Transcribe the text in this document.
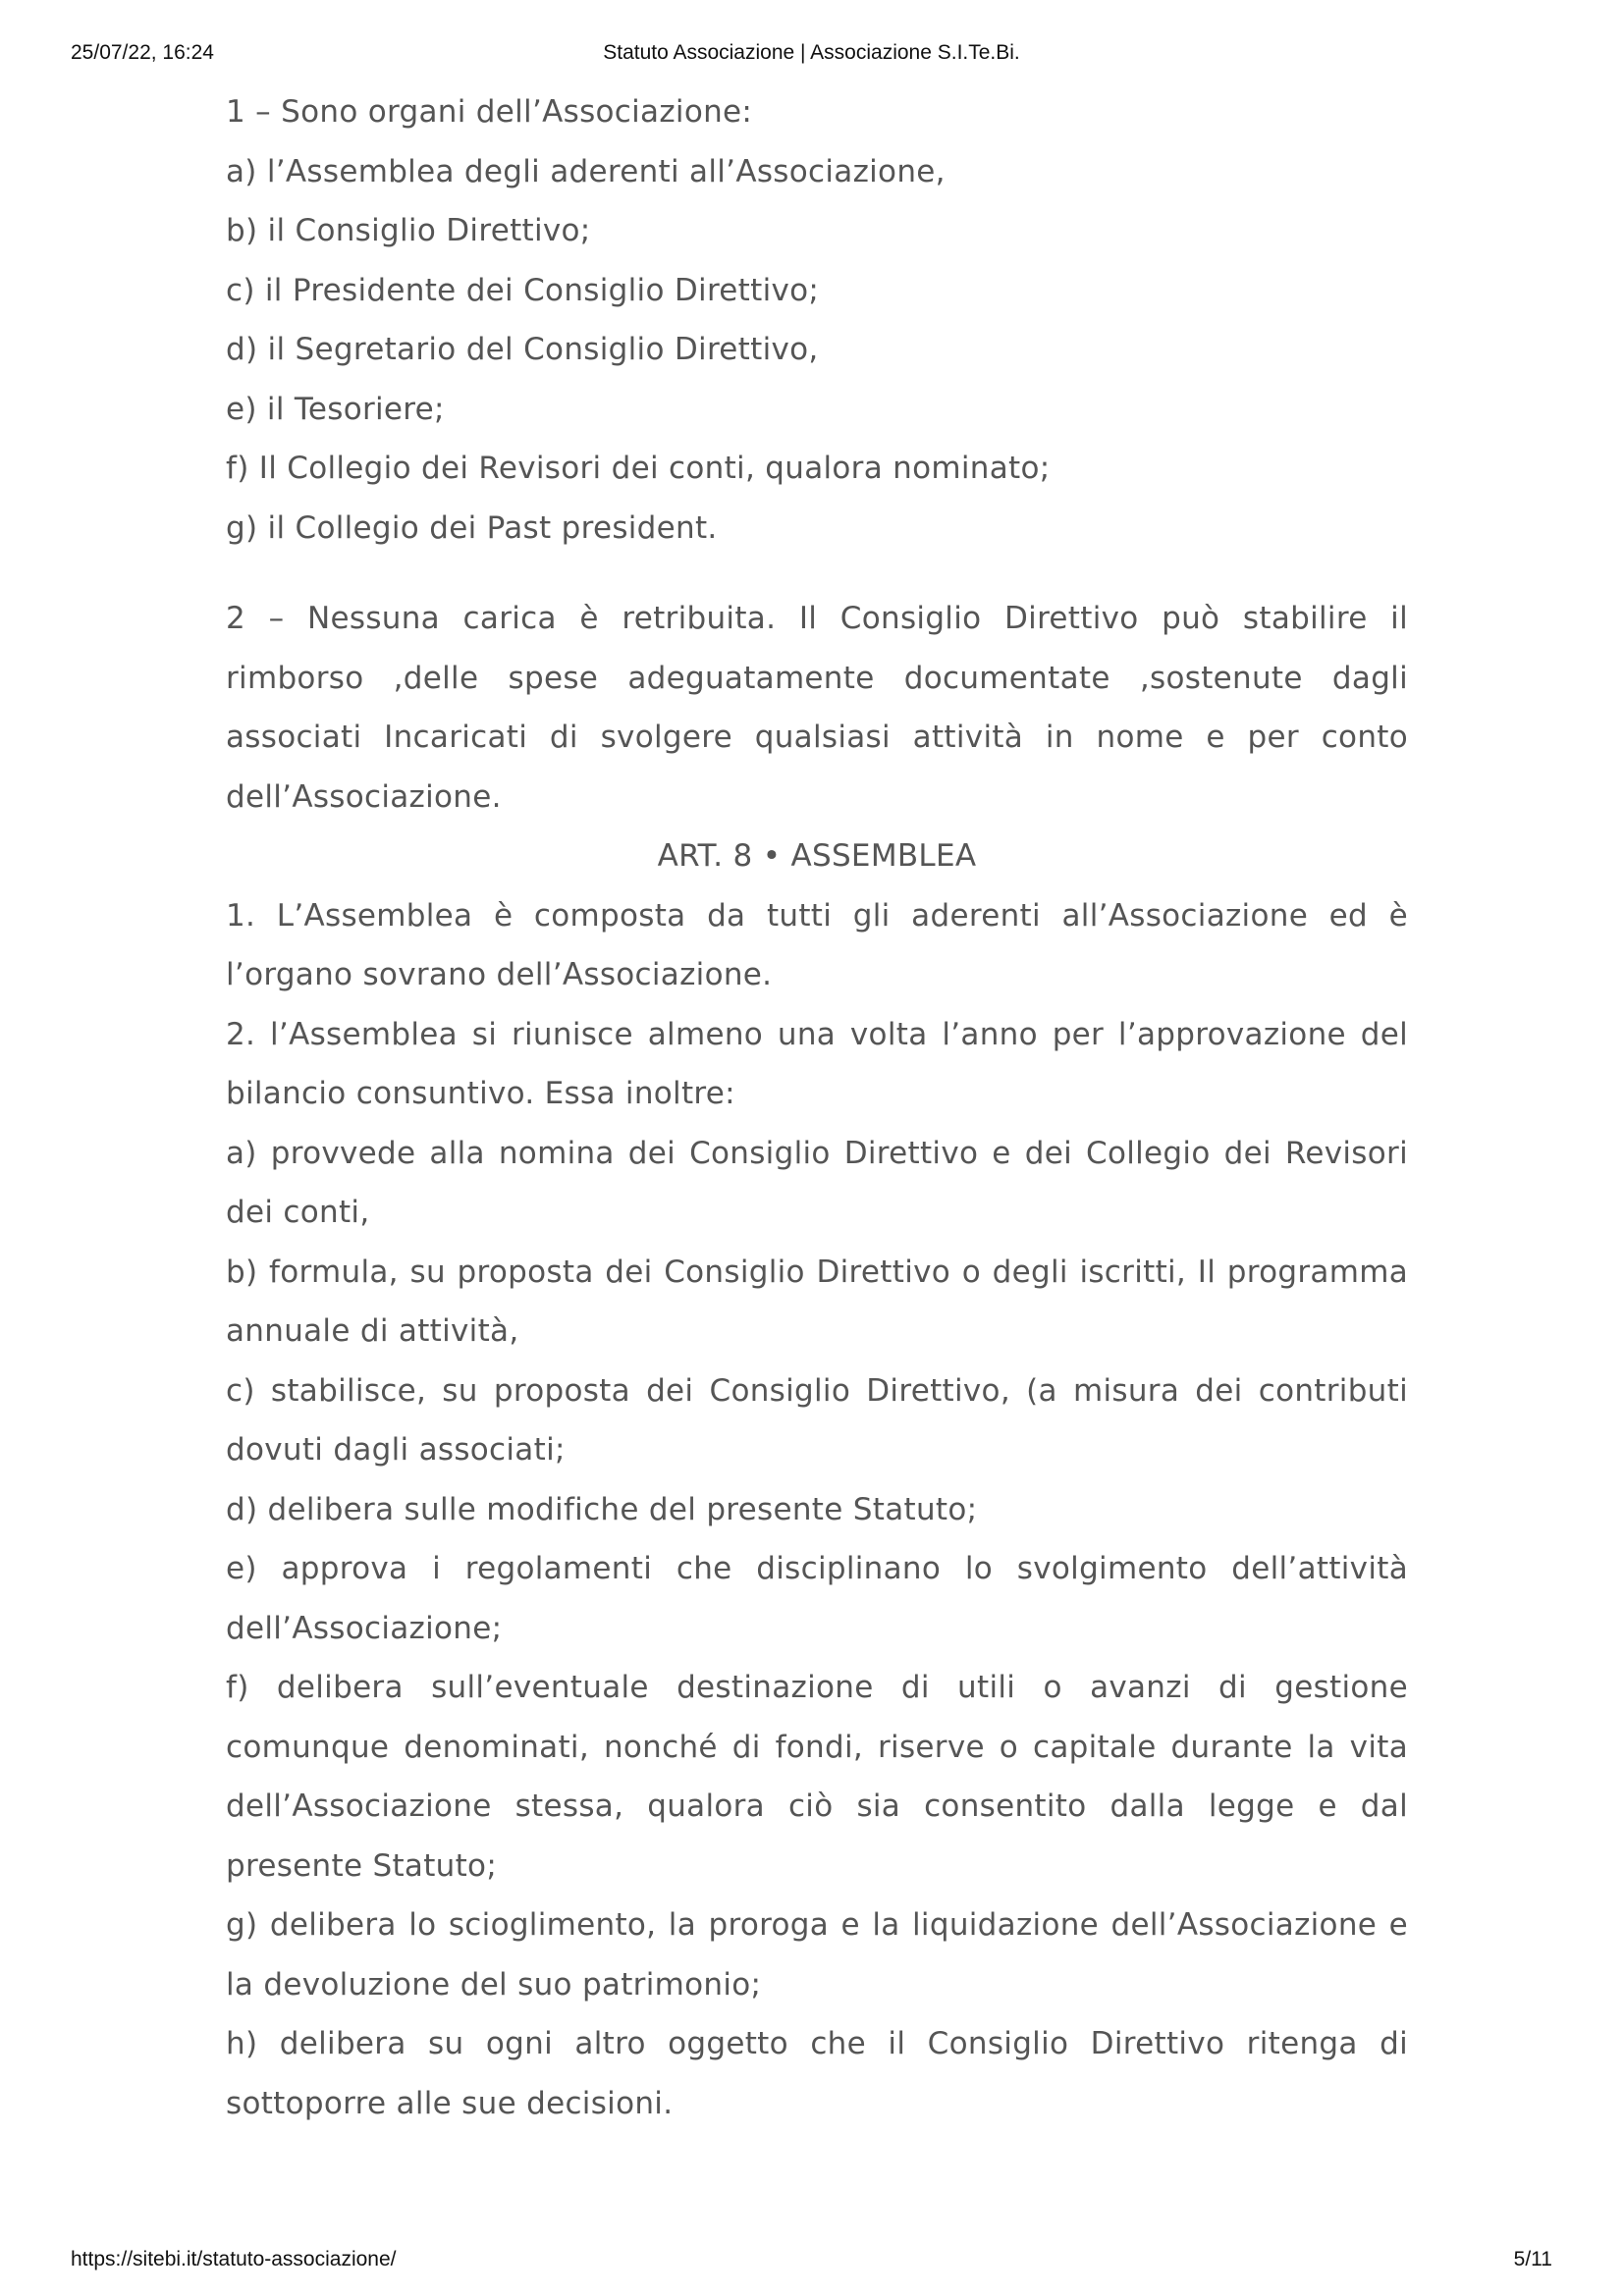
25/07/22, 16:24	Statuto Associazione | Associazione S.I.Te.Bi.

1 – Sono organi dell’Associazione:

a) l’Assemblea degli aderenti all’Associazione,

b) il Consiglio Direttivo;

c) il Presidente dei Consiglio Direttivo;

d) il Segretario del Consiglio Direttivo,

e) il Tesoriere;

f) Il Collegio dei Revisori dei conti, qualora nominato;

g) il Collegio dei Past president.

2 – Nessuna carica è retribuita. Il Consiglio Direttivo può stabilire il rimborso ,delle spese adeguatamente documentate ,sostenute dagli associati Incaricati di svolgere qualsiasi attività in nome e per conto dell’Associazione.

ART. 8 • ASSEMBLEA

1. L’Assemblea è composta da tutti gli aderenti all’Associazione ed è l’organo sovrano dell’Associazione.

2. l’Assemblea si riunisce almeno una volta l’anno per l’approvazione del bilancio consuntivo. Essa inoltre:

a) provvede alla nomina dei Consiglio Direttivo e dei Collegio dei Revisori dei conti,

b) formula, su proposta dei Consiglio Direttivo o degli iscritti, Il programma annuale di attività,

c) stabilisce, su proposta dei Consiglio Direttivo, (a misura dei contributi dovuti dagli associati;

d) delibera sulle modifiche del presente Statuto;

e) approva i regolamenti che disciplinano lo svolgimento dell’attività dell’Associazione;

f) delibera sull’eventuale destinazione di utili o avanzi di gestione comunque denominati, nonché di fondi, riserve o capitale durante la vita dell’Associazione stessa, qualora ciò sia consentito dalla legge e dal presente Statuto;

g) delibera lo scioglimento, la proroga e la liquidazione dell’Associazione e la devoluzione del suo patrimonio;

h) delibera su ogni altro oggetto che il Consiglio Direttivo ritenga di sottoporre alle sue decisioni.

https://sitebi.it/statuto-associazione/	5/11
